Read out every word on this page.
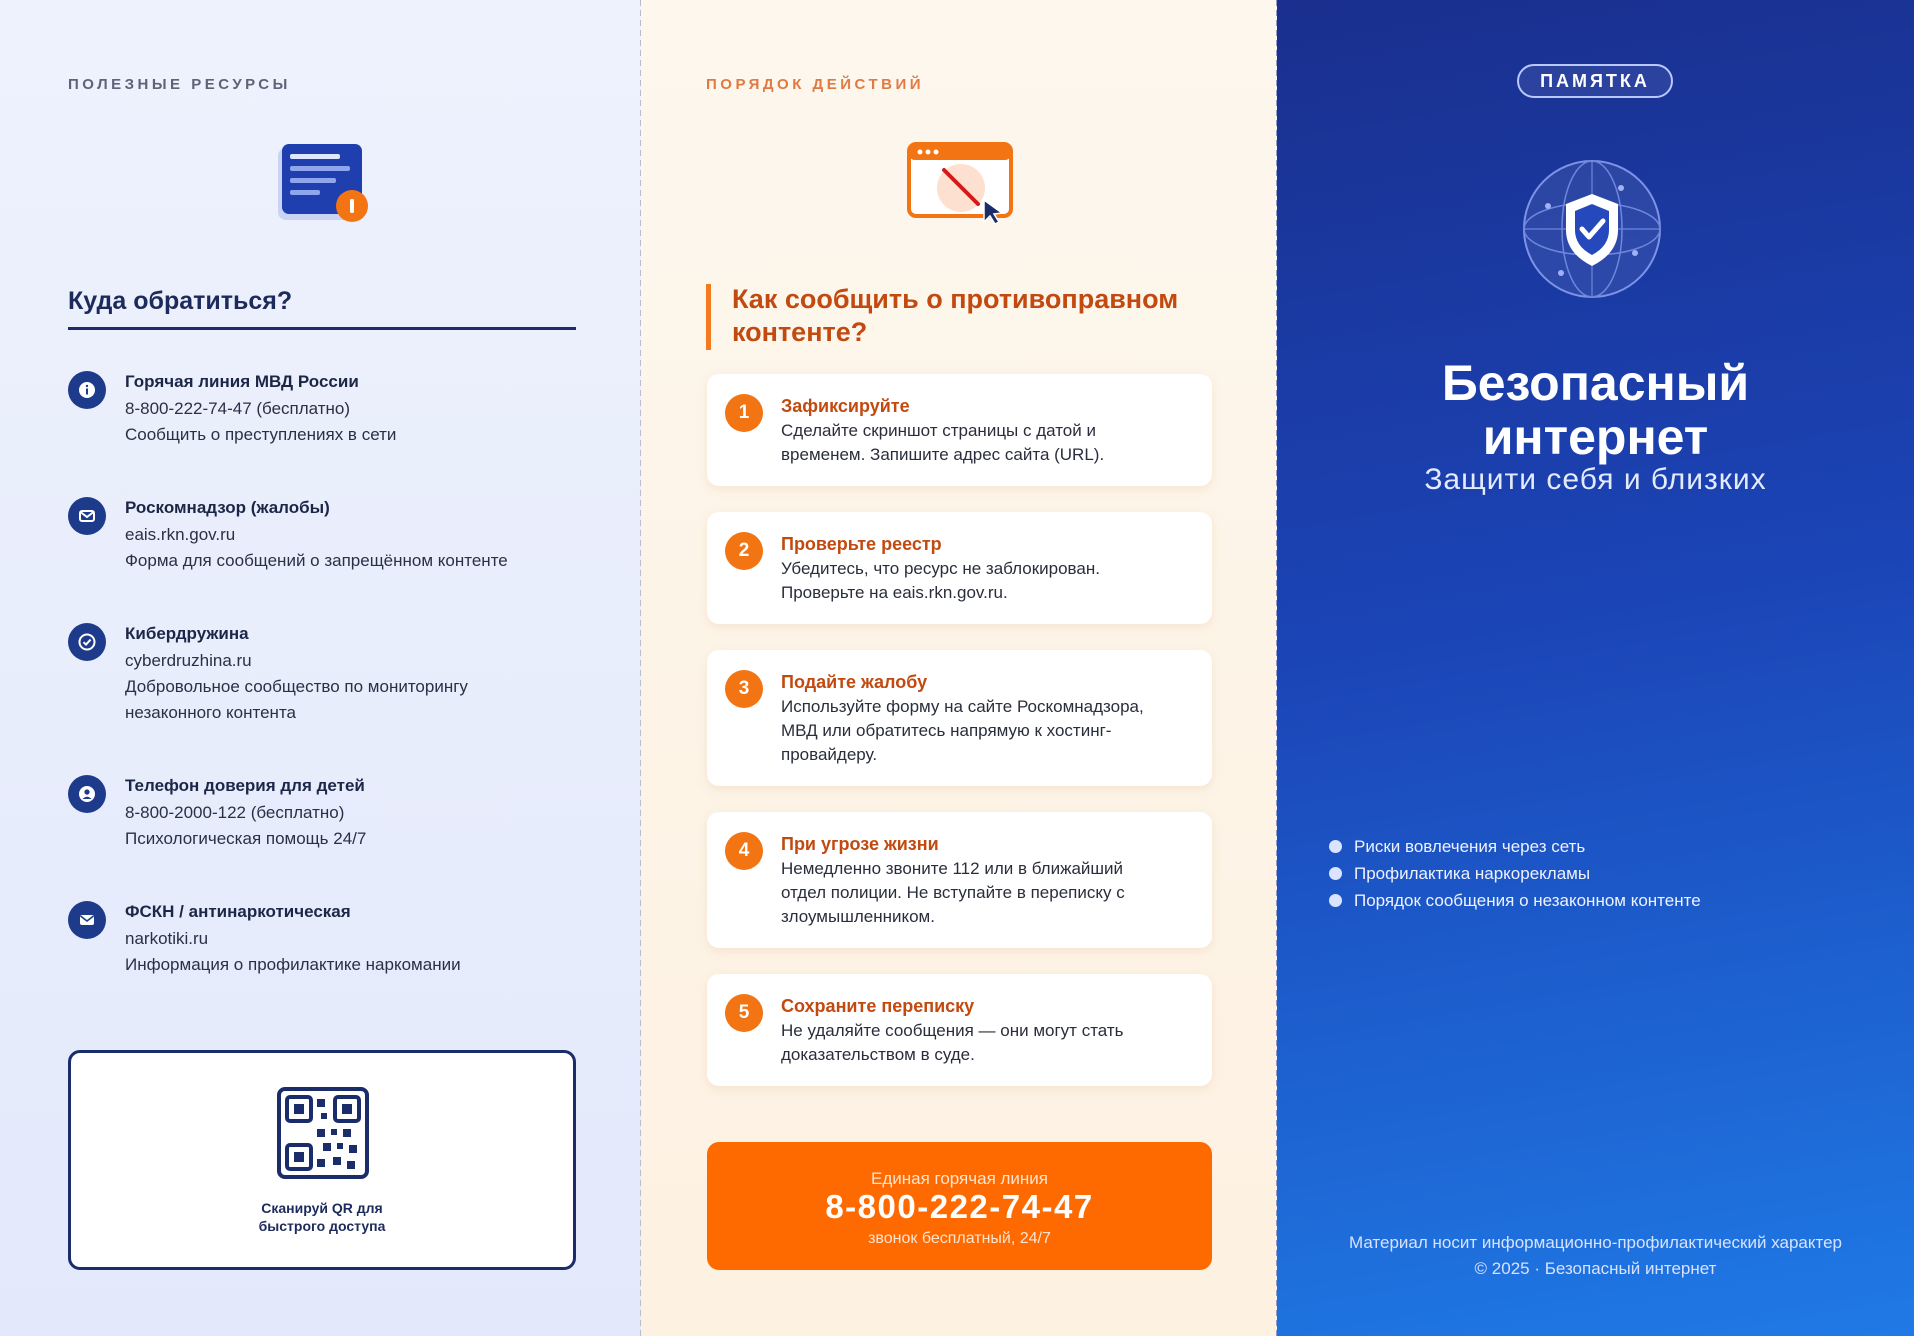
ПОЛЕЗНЫЕ РЕСУРСЫ
Куда обратиться?
Горячая линия МВД России
8-800-222-74-47 (бесплатно)
Сообщить о преступлениях в сети
Роскомнадзор (жалобы)
eais.rkn.gov.ru
Форма для сообщений о запрещённом контенте
Кибердружина
cyberdruzhina.ru
Добровольное сообщество по мониторингу
незаконного контента
Телефон доверия для детей
8-800-2000-122 (бесплатно)
Психологическая помощь 24/7
ФСКН / антинаркотическая
narkotiki.ru
Информация о профилактике наркомании
Сканируй QR для
быстрого доступа
ПОРЯДОК ДЕЙСТВИЙ
Как сообщить о противоправном
контенте?
1	Зафиксируйте
Сделайте скриншот страницы с датой и
временем. Запишите адрес сайта (URL).
2	Проверьте реестр
Убедитесь, что ресурс не заблокирован.
Проверьте на eais.rkn.gov.ru.
3	Подайте жалобу
Используйте форму на сайте Роскомнадзора,
МВД или обратитесь напрямую к хостинг-
провайдеру.
4	При угрозе жизни
Немедленно звоните 112 или в ближайший
отдел полиции. Не вступайте в переписку с
злоумышленником.
5	Сохраните переписку
Не удаляйте сообщения — они могут стать
доказательством в суде.
Единая горячая линия
8-800-222-74-47
звонок бесплатный, 24/7
ПАМЯТКА
Безопасный
интернет
Защити себя и близких
Риски вовлечения через сеть
Профилактика наркорекламы
Порядок сообщения о незаконном контенте
Материал носит информационно-профилактический характер
© 2025 · Безопасный интернет
